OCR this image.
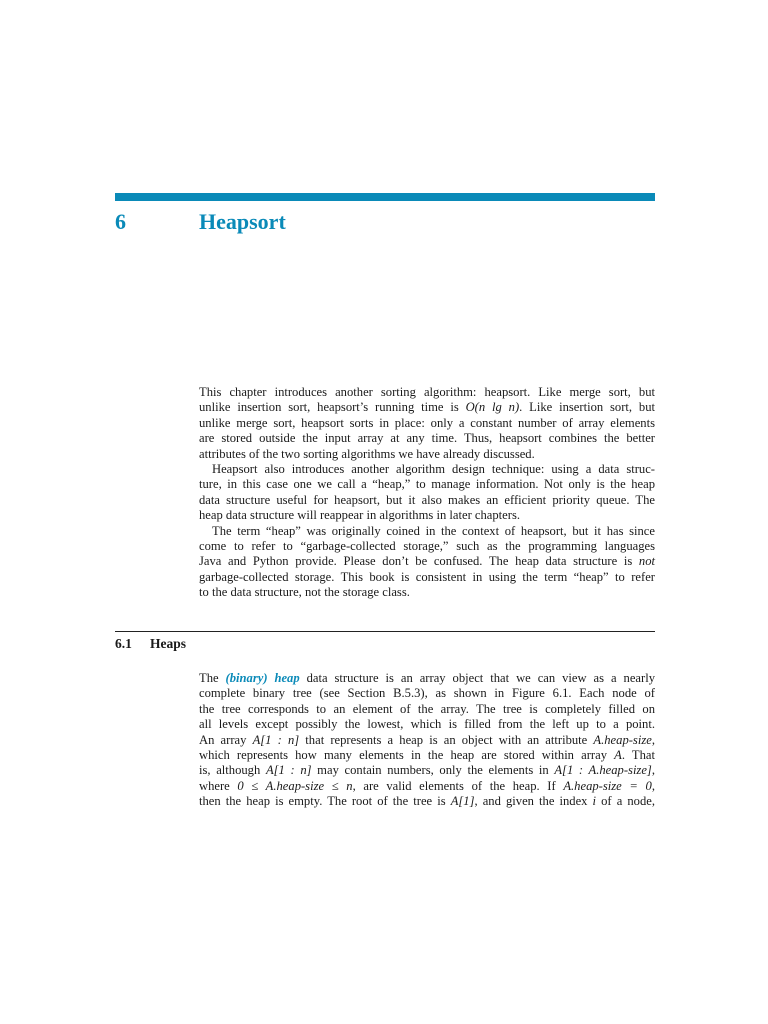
6	Heapsort

This chapter introduces another sorting algorithm: heapsort. Like merge sort, but
unlike insertion sort, heapsort’s running time is O(n lg n). Like insertion sort, but
unlike merge sort, heapsort sorts in place: only a constant number of array elements
are stored outside the input array at any time. Thus, heapsort combines the better
attributes of the two sorting algorithms we have already discussed.

Heapsort also introduces another algorithm design technique: using a data struc-
ture, in this case one we call a “heap,” to manage information. Not only is the heap
data structure useful for heapsort, but it also makes an efficient priority queue. The
heap data structure will reappear in algorithms in later chapters.

The term “heap” was originally coined in the context of heapsort, but it has since
come to refer to “garbage-collected storage,” such as the programming languages
Java and Python provide. Please don’t be confused. The heap data structure is not
garbage-collected storage. This book is consistent in using the term “heap” to refer
to the data structure, not the storage class.

6.1 Heaps

The (binary) heap data structure is an array object that we can view as a nearly
complete binary tree (see Section B.5.3), as shown in Figure 6.1. Each node of
the tree corresponds to an element of the array. The tree is completely filled on
all levels except possibly the lowest, which is filled from the left up to a point.
An array A[1 : n] that represents a heap is an object with an attribute A.heap-size,
which represents how many elements in the heap are stored within array A. That
is, although A[1 : n] may contain numbers, only the elements in A[1 : A.heap-size],
where 0 ≤ A.heap-size ≤ n, are valid elements of the heap. If A.heap-size = 0,
then the heap is empty. The root of the tree is A[1], and given the index i of a node,
